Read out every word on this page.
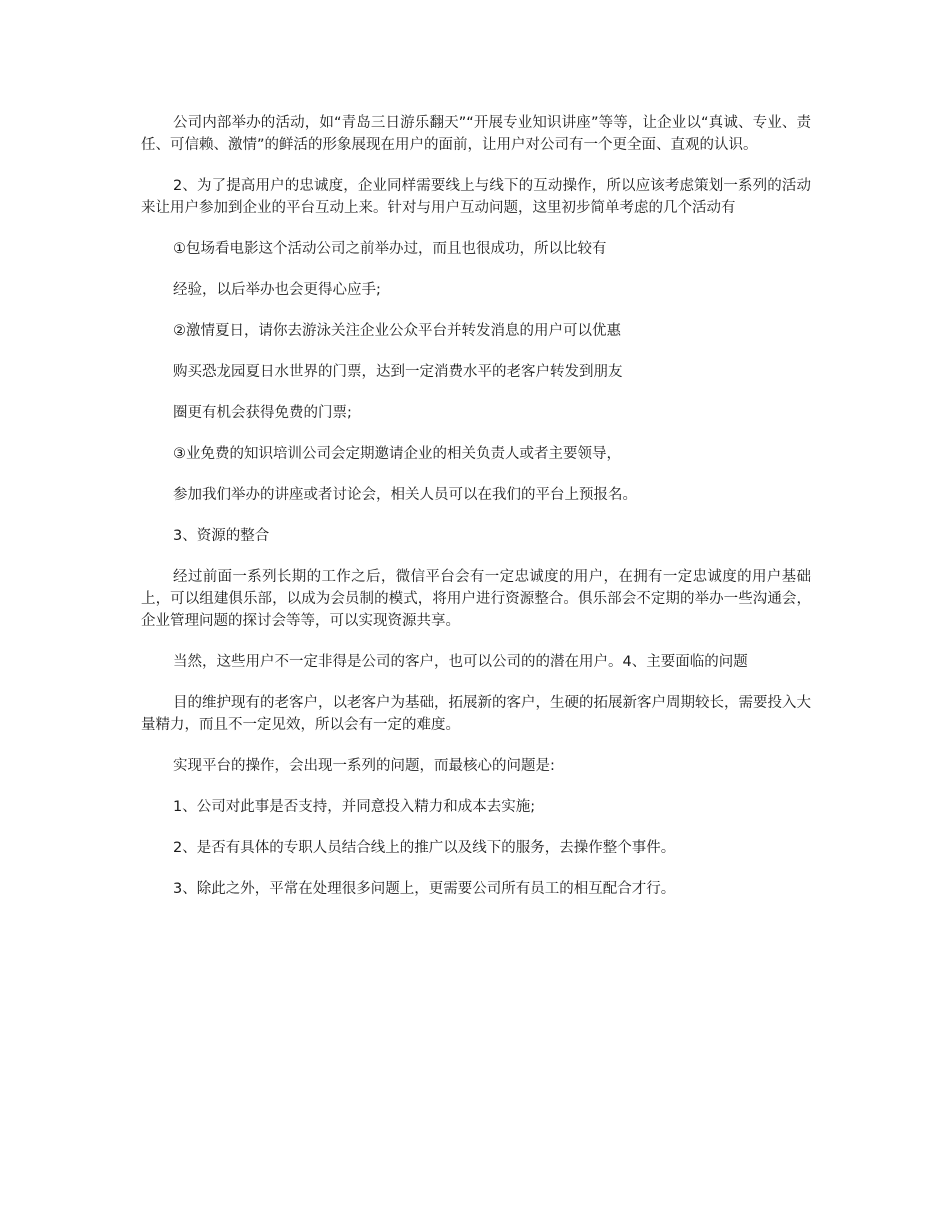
公司内部举办的活动，如“青岛三日游乐翻天”“开展专业知识讲座”等等，让企业以“真诚、专业、责任、可信赖、激情”的鲜活的形象展现在用户的面前，让用户对公司有一个更全面、直观的认识。

2、为了提高用户的忠诚度，企业同样需要线上与线下的互动操作，所以应该考虑策划一系列的活动来让用户参加到企业的平台互动上来。针对与用户互动问题，这里初步简单考虑的几个活动有

①包场看电影这个活动公司之前举办过，而且也很成功，所以比较有

经验，以后举办也会更得心应手;

②激情夏日，请你去游泳关注企业公众平台并转发消息的用户可以优惠

购买恐龙园夏日水世界的门票，达到一定消费水平的老客户转发到朋友

圈更有机会获得免费的门票;

③业免费的知识培训公司会定期邀请企业的相关负责人或者主要领导，

参加我们举办的讲座或者讨论会，相关人员可以在我们的平台上预报名。

3、资源的整合

经过前面一系列长期的工作之后，微信平台会有一定忠诚度的用户，在拥有一定忠诚度的用户基础上，可以组建俱乐部，以成为会员制的模式，将用户进行资源整合。俱乐部会不定期的举办一些沟通会，企业管理问题的探讨会等等，可以实现资源共享。

当然，这些用户不一定非得是公司的客户，也可以公司的的潜在用户。4、主要面临的问题

目的维护现有的老客户，以老客户为基础，拓展新的客户，生硬的拓展新客户周期较长，需要投入大量精力，而且不一定见效，所以会有一定的难度。

实现平台的操作，会出现一系列的问题，而最核心的问题是:

1、公司对此事是否支持，并同意投入精力和成本去实施;

2、是否有具体的专职人员结合线上的推广以及线下的服务，去操作整个事件。

3、除此之外，平常在处理很多问题上，更需要公司所有员工的相互配合才行。
